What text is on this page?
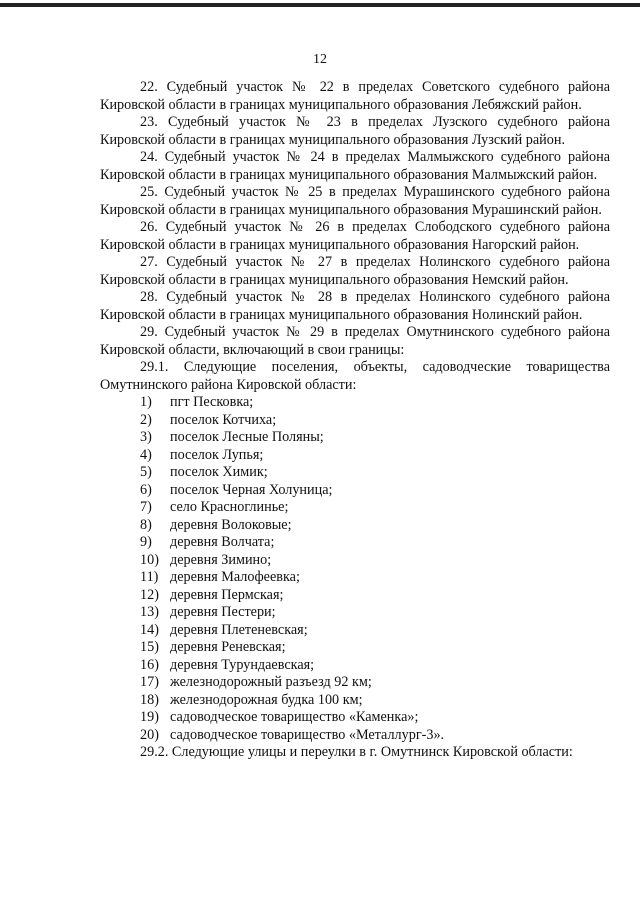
12

22. Судебный участок № 22 в пределах Советского судебного района Кировской области в границах муниципального образования Лебяжский район.

23. Судебный участок № 23 в пределах Лузского судебного района Кировской области в границах муниципального образования Лузский район.

24. Судебный участок № 24 в пределах Малмыжского судебного района Кировской области в границах муниципального образования Малмыжский район.

25. Судебный участок № 25 в пределах Мурашинского судебного района Кировской области в границах муниципального образования Мурашинский район.

26. Судебный участок № 26 в пределах Слободского судебного района Кировской области в границах муниципального образования Нагорский район.

27. Судебный участок № 27 в пределах Нолинского судебного района Кировской области в границах муниципального образования Немский район.

28. Судебный участок № 28 в пределах Нолинского судебного района Кировской области в границах муниципального образования Нолинский район.

29. Судебный участок № 29 в пределах Омутнинского судебного района Кировской области, включающий в свои границы:

29.1. Следующие поселения, объекты, садоводческие товарищества Омутнинского района Кировской области:

1)	пгт Песковка;
2)	поселок Котчиха;
3)	поселок Лесные Поляны;
4)	поселок Лупья;
5)	поселок Химик;
6)	поселок Черная Холуница;
7)	село Красноглинье;
8)	деревня Волоковые;
9)	деревня Волчата;
10) деревня Зимино;
11) деревня Малофеевка;
12) деревня Пермская;
13) деревня Пестери;
14) деревня Плетеневская;
15) деревня Реневская;
16) деревня Турундаевская;
17) железнодорожный разъезд 92 км;
18) железнодорожная будка 100 км;
19) садоводческое товарищество «Каменка»;
20) садоводческое товарищество «Металлург-3».

29.2. Следующие улицы и переулки в г. Омутнинск Кировской области:
